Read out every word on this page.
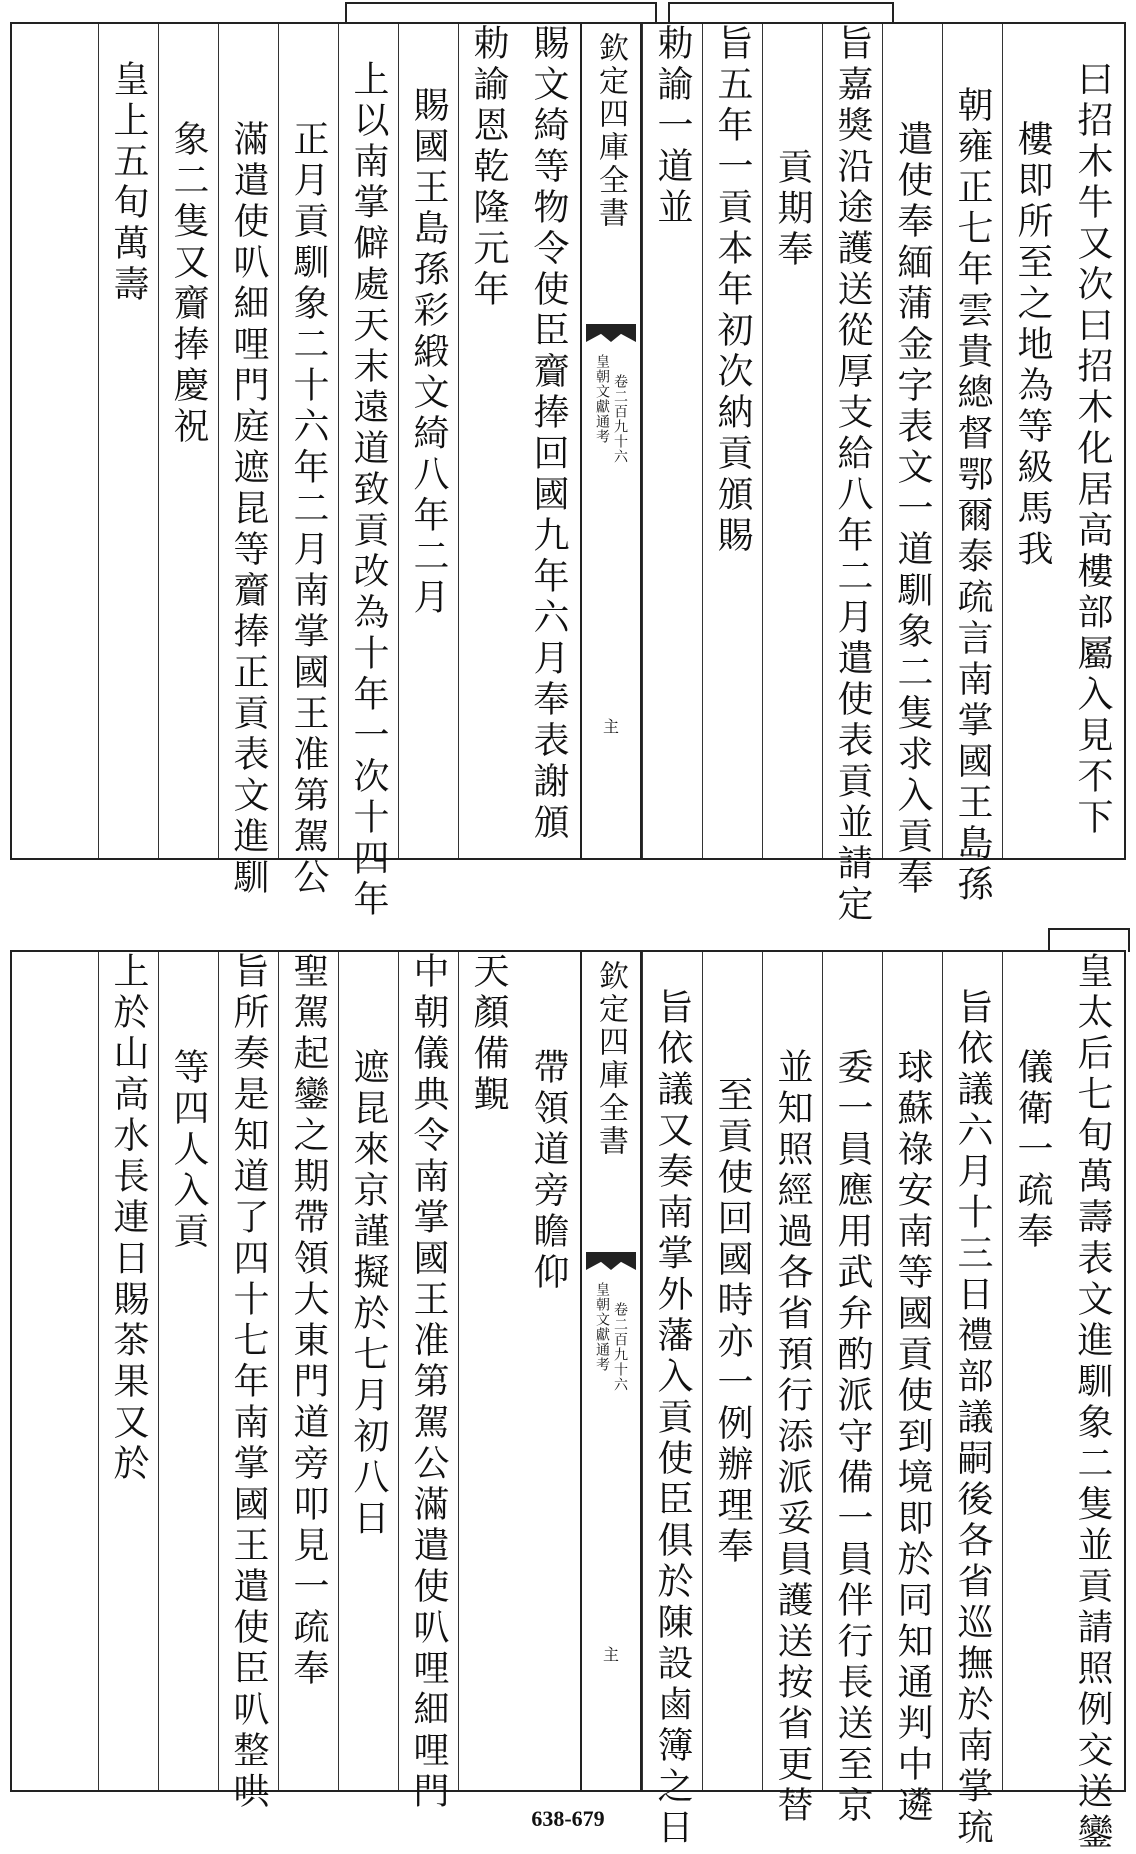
曰招木牛又次曰招木化居高樓部屬入見不下
樓即所至之地為等級馬我
朝雍正七年雲貴總督鄂爾泰疏言南掌國王島孫
遣使奉緬蒲金字表文一道馴象二隻求入貢奉
旨嘉獎沿途護送從厚支給八年二月遣使表貢並請定
貢期奉
旨五年一貢本年初次納貢頒賜
勅諭一道並
欽定四庫全書
皇朝文獻通考 卷二百九十六
主
賜文綺等物令使臣齎捧回國九年六月奉表謝頒
勅諭恩乾隆元年
賜國王島孫彩緞文綺八年二月
上以南掌僻處天末遠道致貢改為十年一次十四年
正月貢馴象二十六年二月南掌國王准第駕公
滿遣使叭細哩門庭遮昆等齎捧正貢表文進馴
象二隻又齎捧慶祝
皇上五旬萬壽
皇太后七旬萬壽表文進馴象二隻並貢請照例交送鑾
儀衛一疏奉
旨依議六月十三日禮部議嗣後各省巡撫於南掌琉
球蘇祿安南等國貢使到境即於同知通判中遴
委一員應用武弁酌派守備一員伴行長送至京
並知照經過各省預行添派妥員護送按省更替
至貢使回國時亦一例辦理奉
旨依議又奏南掌外藩入貢使臣俱於陳設鹵簿之日
欽定四庫全書
皇朝文獻通考 卷二百九十六
主
帶領道旁瞻仰
天顏備覲
中朝儀典令南掌國王准第駕公滿遣使叭哩細哩門
遮昆來京謹擬於七月初八日
聖駕起鑾之期帶領大東門道旁叩見一疏奉
旨所奏是知道了四十七年南掌國王遣使臣叭整哄
等四人入貢
上於山高水長連日賜茶果又於
638-679
